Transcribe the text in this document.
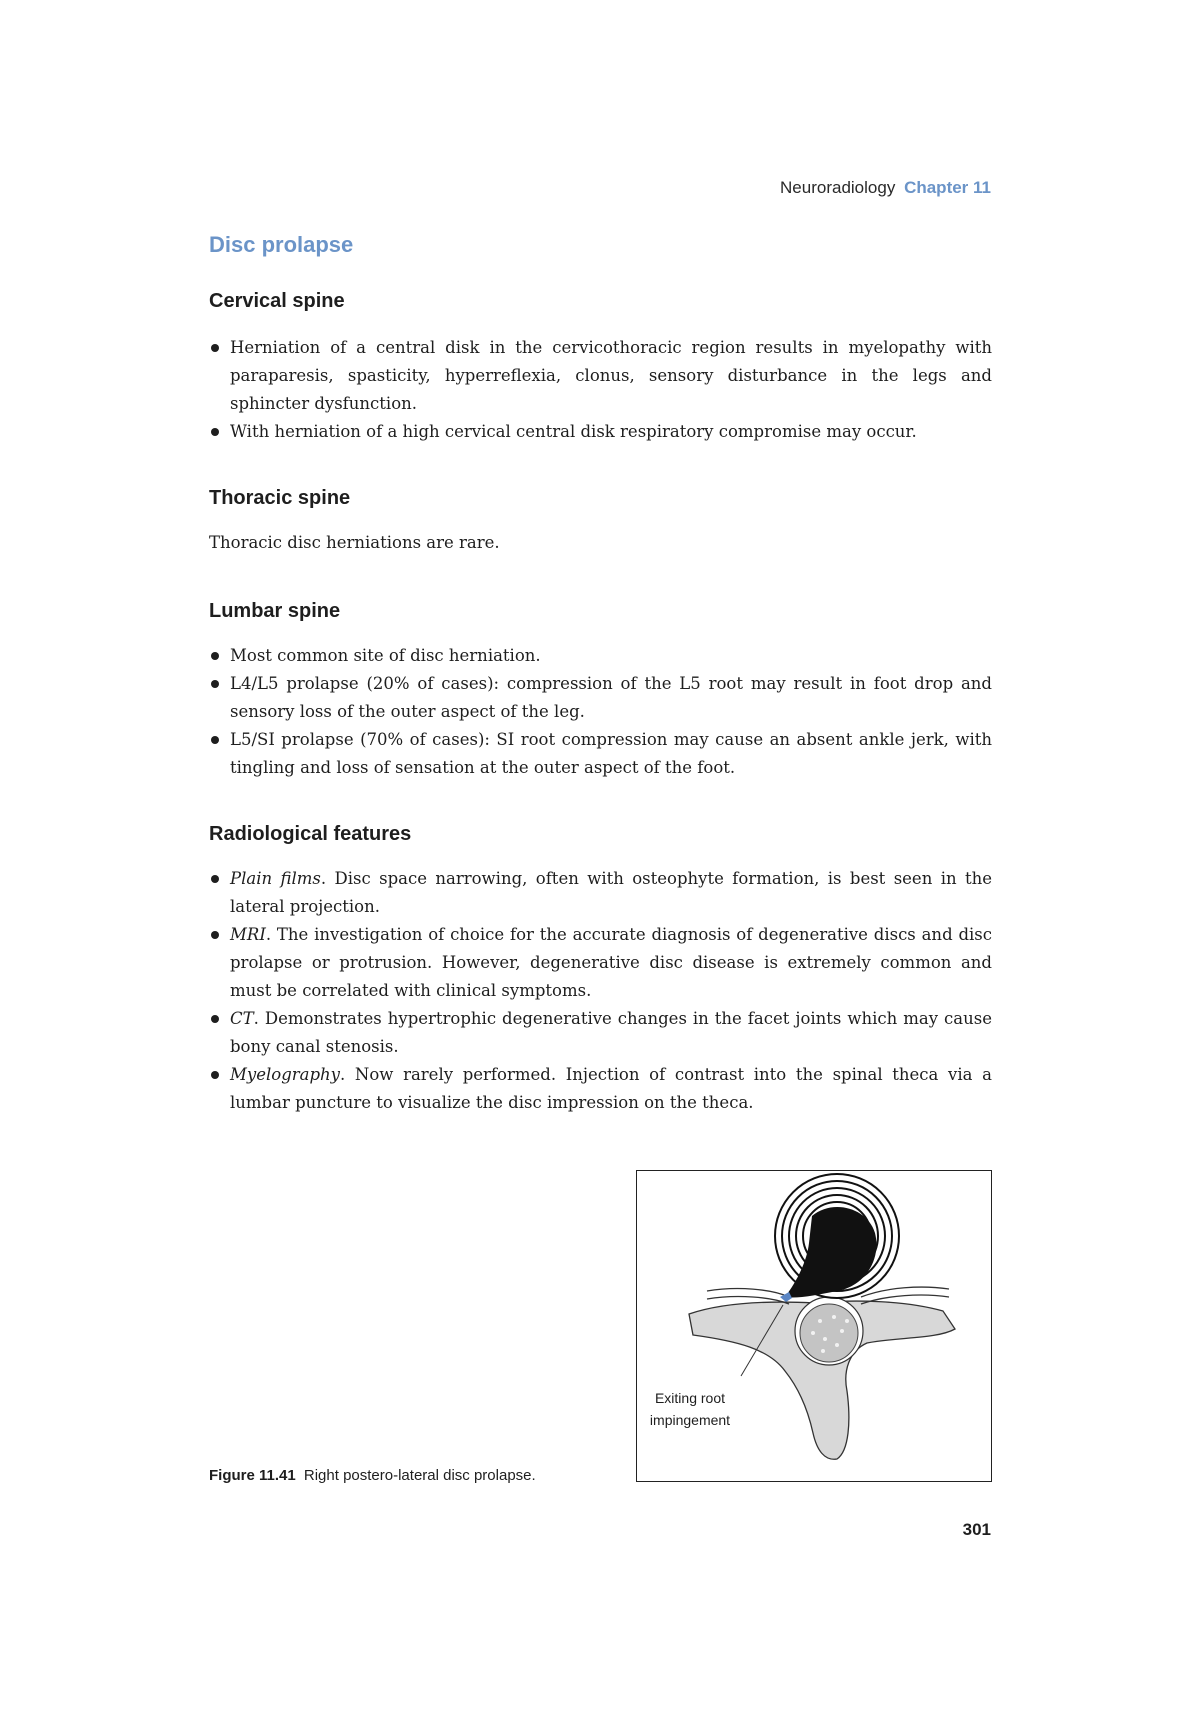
Neuroradiology Chapter 11
Disc prolapse
Cervical spine
Herniation of a central disk in the cervicothoracic region results in myelopathy with paraparesis, spasticity, hyperreflexia, clonus, sensory disturbance in the legs and sphincter dysfunction.
With herniation of a high cervical central disk respiratory compromise may occur.
Thoracic spine

Thoracic disc herniations are rare.

Lumbar spine
Most common site of disc herniation.
L4/L5 prolapse (20% of cases): compression of the L5 root may result in foot drop and sensory loss of the outer aspect of the leg.
L5/SI prolapse (70% of cases): SI root compression may cause an absent ankle jerk, with tingling and loss of sensation at the outer aspect of the foot.
Radiological features
Plain films. Disc space narrowing, often with osteophyte formation, is best seen in the lateral projection.
MRI. The investigation of choice for the accurate diagnosis of degenerative discs and disc prolapse or protrusion. However, degenerative disc disease is extremely common and must be correlated with clinical symptoms.
CT. Demonstrates hypertrophic degenerative changes in the facet joints which may cause bony canal stenosis.
Myelography. Now rarely performed. Injection of contrast into the spinal theca via a lumbar puncture to visualize the disc impression on the theca.
Exiting root
impingement
Figure 11.41 Right postero-lateral disc prolapse.
301
